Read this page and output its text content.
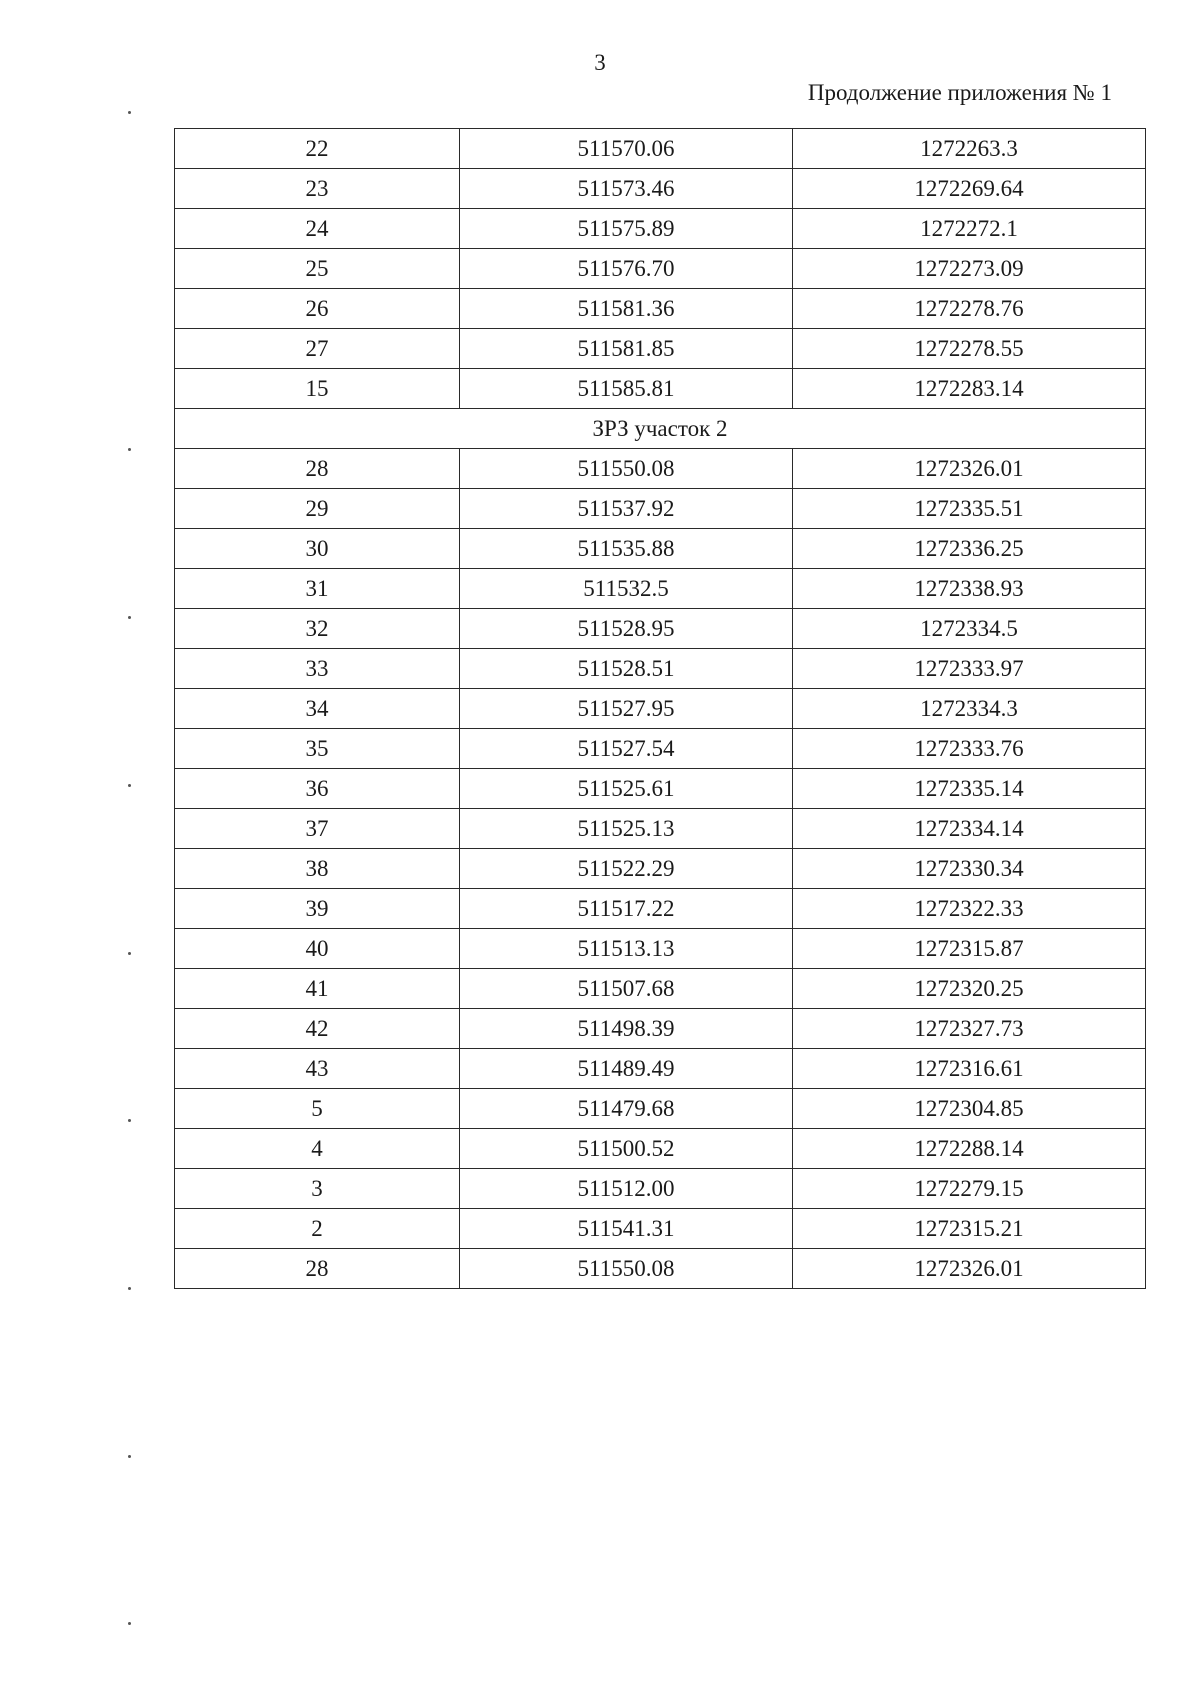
3
Продолжение приложения № 1
22	511570.06	1272263.3
23	511573.46	1272269.64
24	511575.89	1272272.1
25	511576.70	1272273.09
26	511581.36	1272278.76
27	511581.85	1272278.55
15	511585.81	1272283.14
ЗРЗ участок 2		
28	511550.08	1272326.01
29	511537.92	1272335.51
30	511535.88	1272336.25
31	511532.5	1272338.93
32	511528.95	1272334.5
33	511528.51	1272333.97
34	511527.95	1272334.3
35	511527.54	1272333.76
36	511525.61	1272335.14
37	511525.13	1272334.14
38	511522.29	1272330.34
39	511517.22	1272322.33
40	511513.13	1272315.87
41	511507.68	1272320.25
42	511498.39	1272327.73
43	511489.49	1272316.61
5	511479.68	1272304.85
4	511500.52	1272288.14
3	511512.00	1272279.15
2	511541.31	1272315.21
28	511550.08	1272326.01
